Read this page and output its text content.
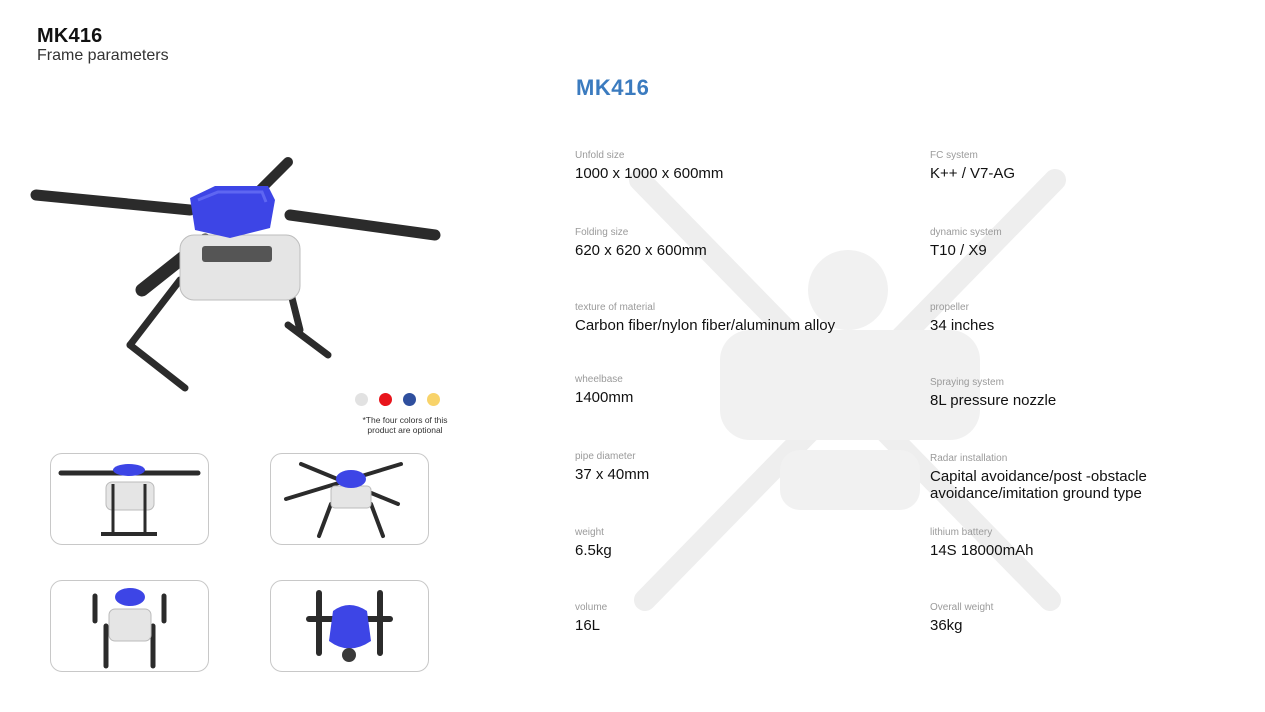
MK416
Frame parameters
MK416
*The four colors of this product are optional
Unfold size
1000 x 1000 x 600mm
Folding size
620 x 620 x 600mm
texture of material
Carbon fiber/nylon fiber/aluminum alloy
wheelbase
1400mm
pipe diameter
37 x 40mm
weight
6.5kg
volume
16L
FC system
K++ / V7-AG
dynamic system
T10 / X9
propeller
34 inches
Spraying system
8L pressure nozzle
Radar installation
Capital avoidance/post -obstacle avoidance/imitation ground type
lithium battery
14S 18000mAh
Overall weight
36kg
